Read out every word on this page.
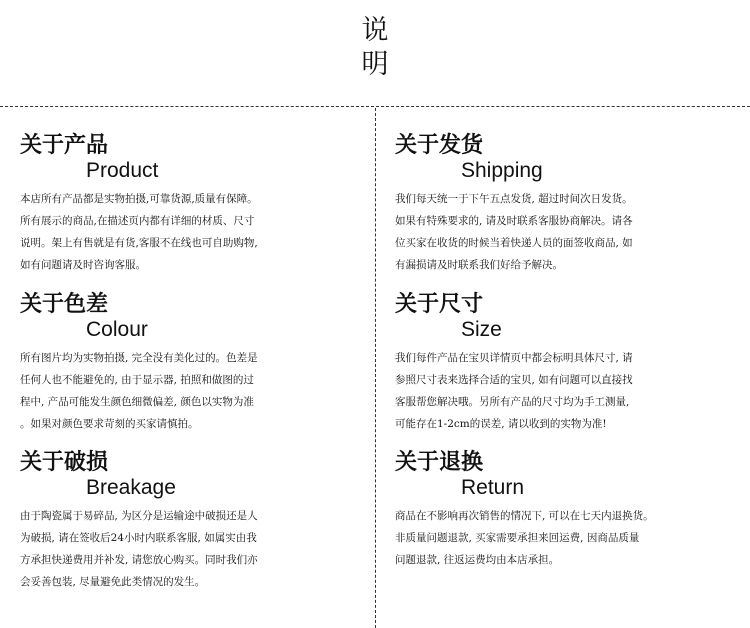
说
明
关于产品
Product
本店所有产品都是实物拍摄,可靠货源,质量有保障。
所有展示的商品,在描述页内都有详细的材质、尺寸
说明。架上有售就是有货,客服不在线也可自助购物,
如有问题请及时咨询客服。
关于色差
Colour
所有图片均为实物拍摄, 完全没有美化过的。色差是
任何人也不能避免的, 由于显示器, 拍照和做图的过
程中, 产品可能发生颜色细微偏差, 颜色以实物为准
。如果对颜色要求苛刻的买家请慎拍。
关于破损
Breakage
由于陶瓷属于易碎品, 为区分是运输途中破损还是人
为破损, 请在签收后24小时内联系客服, 如属实由我
方承担快递费用并补发, 请您放心购买。同时我们亦
会妥善包装, 尽量避免此类情况的发生。
关于发货
Shipping
我们每天统一于下午五点发货, 超过时间次日发货。
如果有特殊要求的, 请及时联系客服协商解决。请各
位买家在收货的时候当着快递人员的面签收商品, 如
有漏损请及时联系我们好给予解决。
关于尺寸
Size
我们每件产品在宝贝详情页中都会标明具体尺寸, 请
参照尺寸表来选择合适的宝贝, 如有问题可以直接找
客服帮您解决哦。另所有产品的尺寸均为手工测量,
可能存在1-2cm的误差, 请以收到的实物为准!
关于退换
Return
商品在不影响再次销售的情况下, 可以在七天内退换货。
非质量问题退款, 买家需要承担来回运费, 因商品质量
问题退款, 往返运费均由本店承担。
